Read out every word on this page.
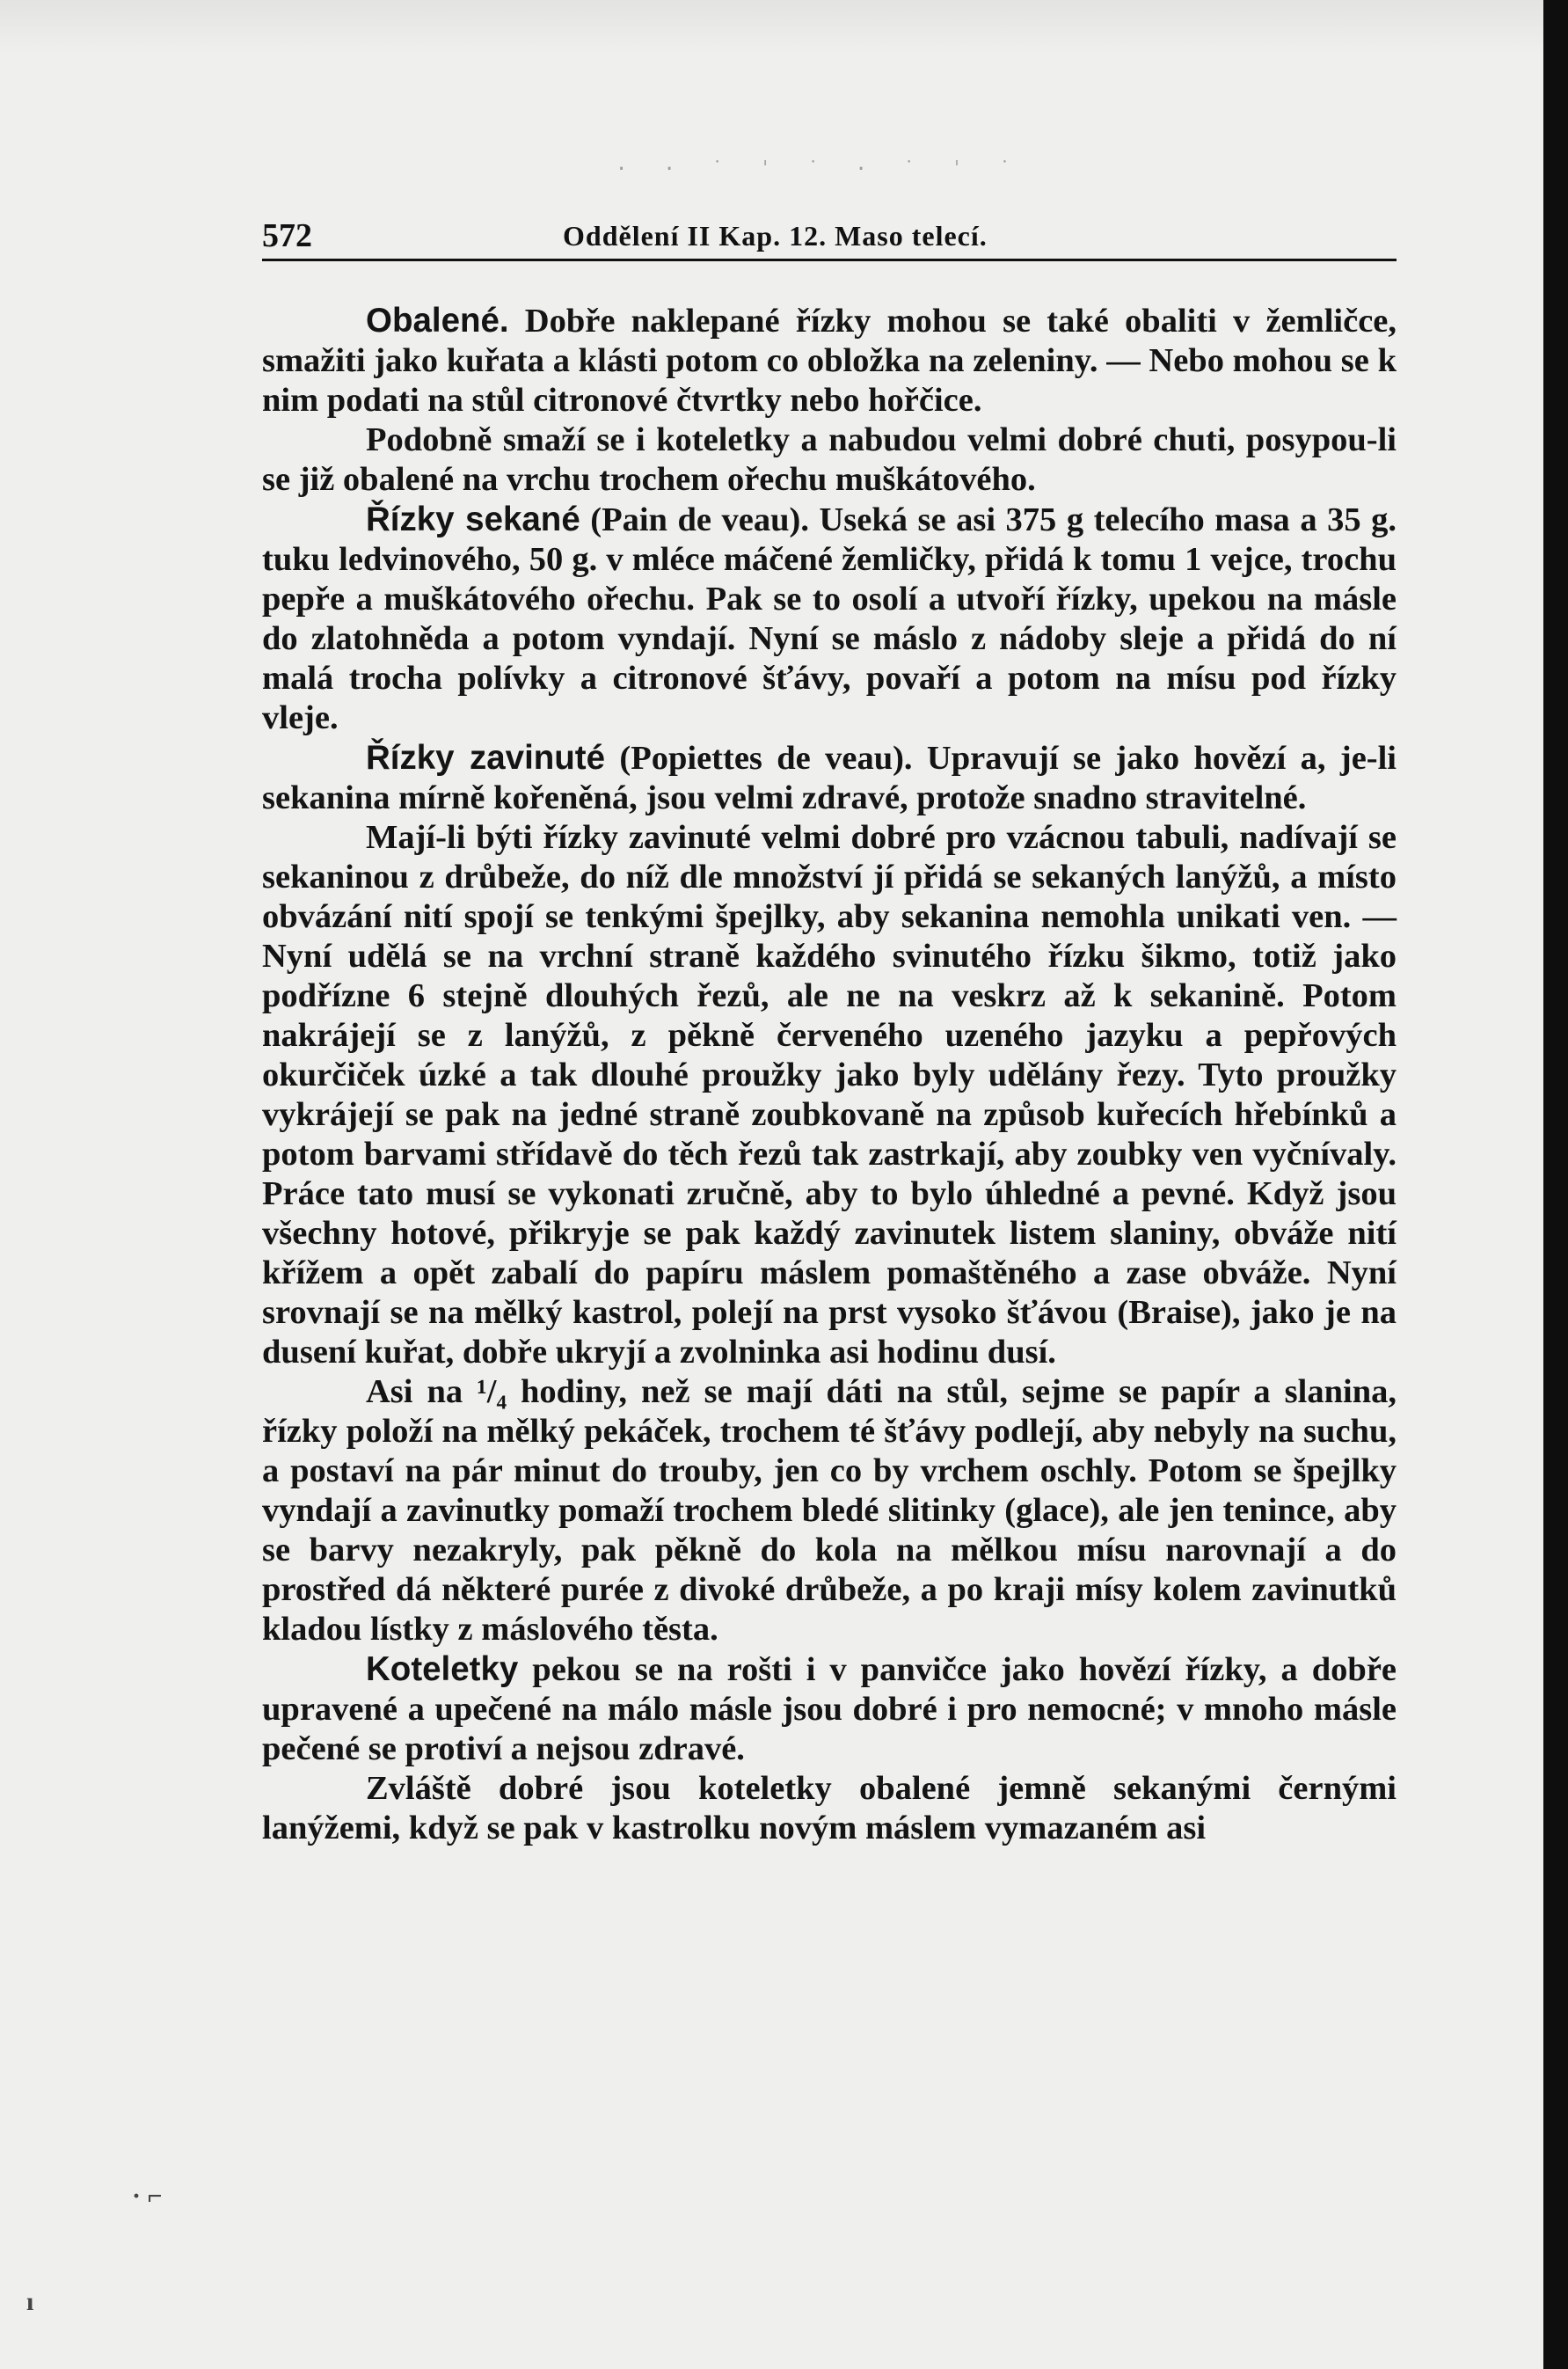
· · ˙ ˈ ˙ · ˙ ˈ ˙
572	Oddělení II Kap. 12. Maso telecí.

Obalené. Dobře naklepané řízky mohou se také obaliti v žemličce, smažiti jako kuřata a klásti potom co obložka na zeleniny. — Nebo mohou se k nim podati na stůl citronové čtvrtky nebo hořčice.

Podobně smaží se i koteletky a nabudou velmi dobré chuti, posypou-li se již obalené na vrchu trochem ořechu muškátového.

Řízky sekané (Pain de veau). Useká se asi 375 g telecího masa a 35 g. tuku ledvinového, 50 g. v mléce máčené žemličky, přidá k tomu 1 vejce, trochu pepře a muškátového ořechu. Pak se to osolí a utvoří řízky, upekou na másle do zlatohněda a potom vyndají. Nyní se máslo z nádoby sleje a přidá do ní malá trocha polívky a citronové šťávy, povaří a potom na mísu pod řízky vleje.

Řízky zavinuté (Popiettes de veau). Upravují se jako hovězí a, je-li sekanina mírně kořeněná, jsou velmi zdravé, protože snadno stravitelné.

Mají-li býti řízky zavinuté velmi dobré pro vzácnou tabuli, nadívají se sekaninou z drůbeže, do níž dle množství jí přidá se sekaných lanýžů, a místo obvázání nití spojí se tenkými špejlky, aby sekanina nemohla unikati ven. — Nyní udělá se na vrchní straně každého svinutého řízku šikmo, totiž jako podříznе 6 stejně dlouhých řezů, ale ne na veskrz až k sekanině. Potom nakrájejí se z lanýžů, z pěkně červeného uzeného jazyku a pepřových okurčiček úzké a tak dlouhé proužky jako byly udělány řezy. Tyto proužky vykrájejí se pak na jedné straně zoubkovaně na způsob kuřecích hřebínků a potom barvami střídavě do těch řezů tak zastrkají, aby zoubky ven vyčnívaly. Práce tato musí se vykonati zručně, aby to bylo úhledné a pevné. Když jsou všechny hotové, přikryje se pak každý zavinutek listem slaniny, obváže nití křížem a opět zabalí do papíru máslem pomaštěného a zase obváže. Nyní srovnají se na mělký kastrol, polejí na prst vysoko šťávou (Braise), jako je na dusení kuřat, dobře ukryjí a zvolninka asi hodinu dusí.

Asi na ¹/₄ hodiny, než se mají dáti na stůl, sejme se papír a slanina, řízky položí na mělký pekáček, trochem té šťávy podlejí, aby nebyly na suchu, a postaví na pár minut do trouby, jen co by vrchem oschly. Potom se špejlky vyndají a zavinutky pomaží trochem bledé slitinky (glace), ale jen tenince, aby se barvy nezakryly, pak pěkně do kola na mělkou mísu narovnají a do prostřed dá některé purée z divoké drůbeže, a po kraji mísy kolem zavinutků kladou lístky z máslového těsta.

Koteletky pekou se na rošti i v panvičce jako hovězí řízky, a dobře upravené a upečené na málo másle jsou dobré i pro nemocné; v mnoho másle pečené se protiví a nejsou zdravé.

Zvláště dobré jsou koteletky obalené jemně sekanými černými lanýžemi, když se pak v kastrolku novým máslem vymazaném asi

· ⌐
ı
